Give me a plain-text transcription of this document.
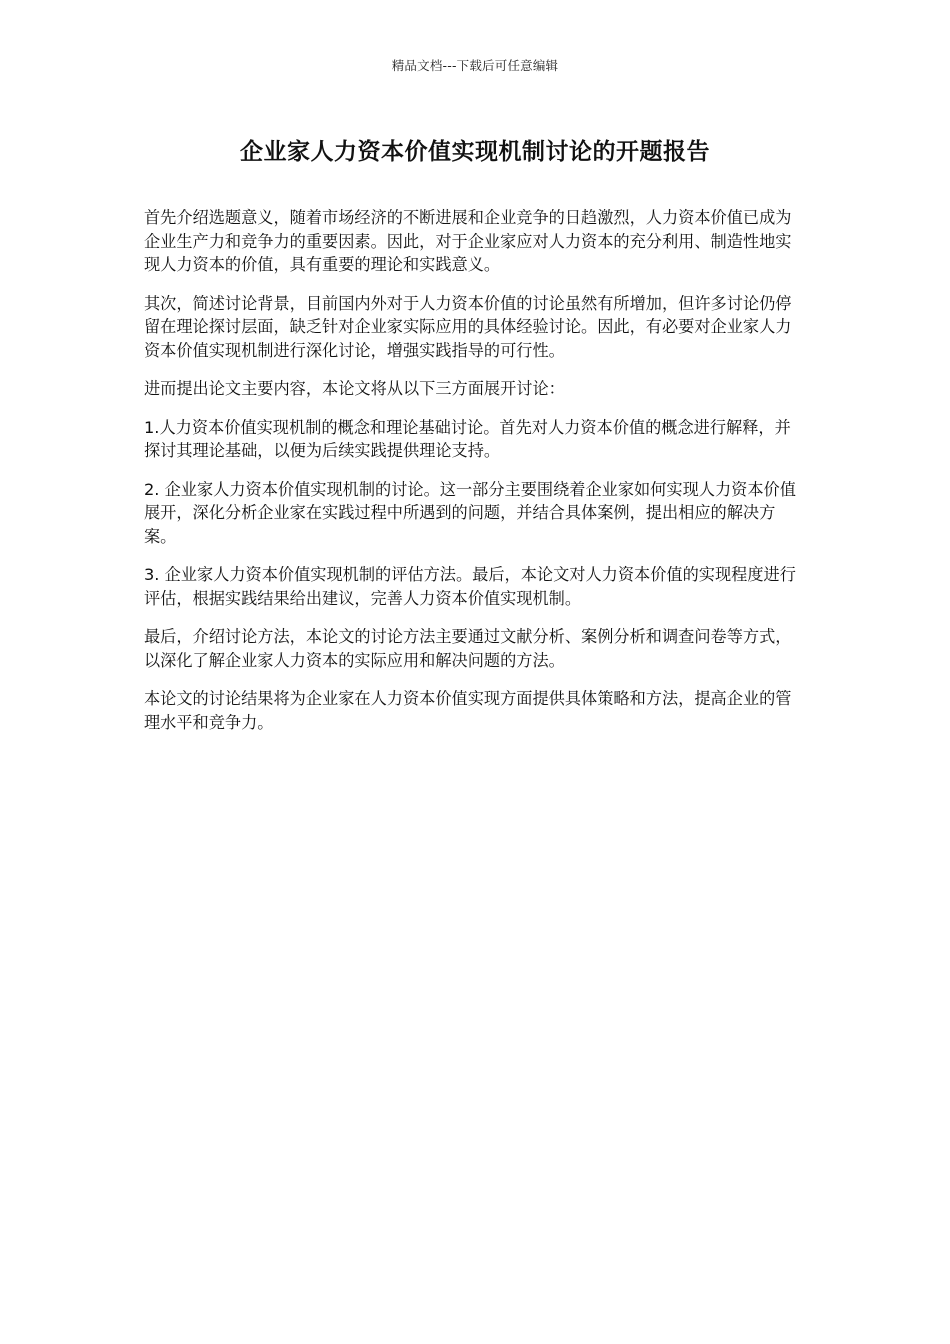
精品文档---下载后可任意编辑
企业家人力资本价值实现机制讨论的开题报告

首先介绍选题意义，随着市场经济的不断进展和企业竞争的日趋激烈，人力资本价值已成为企业生产力和竞争力的重要因素。因此，对于企业家应对人力资本的充分利用、制造性地实现人力资本的价值，具有重要的理论和实践意义。

其次，简述讨论背景，目前国内外对于人力资本价值的讨论虽然有所增加，但许多讨论仍停留在理论探讨层面，缺乏针对企业家实际应用的具体经验讨论。因此，有必要对企业家人力资本价值实现机制进行深化讨论，增强实践指导的可行性。

进而提出论文主要内容，本论文将从以下三方面展开讨论：

1.人力资本价值实现机制的概念和理论基础讨论。首先对人力资本价值的概念进行解释，并探讨其理论基础，以便为后续实践提供理论支持。

2. 企业家人力资本价值实现机制的讨论。这一部分主要围绕着企业家如何实现人力资本价值展开，深化分析企业家在实践过程中所遇到的问题，并结合具体案例，提出相应的解决方案。

3. 企业家人力资本价值实现机制的评估方法。最后，本论文对人力资本价值的实现程度进行评估，根据实践结果给出建议，完善人力资本价值实现机制。

最后，介绍讨论方法，本论文的讨论方法主要通过文献分析、案例分析和调查问卷等方式，以深化了解企业家人力资本的实际应用和解决问题的方法。

本论文的讨论结果将为企业家在人力资本价值实现方面提供具体策略和方法，提高企业的管理水平和竞争力。
